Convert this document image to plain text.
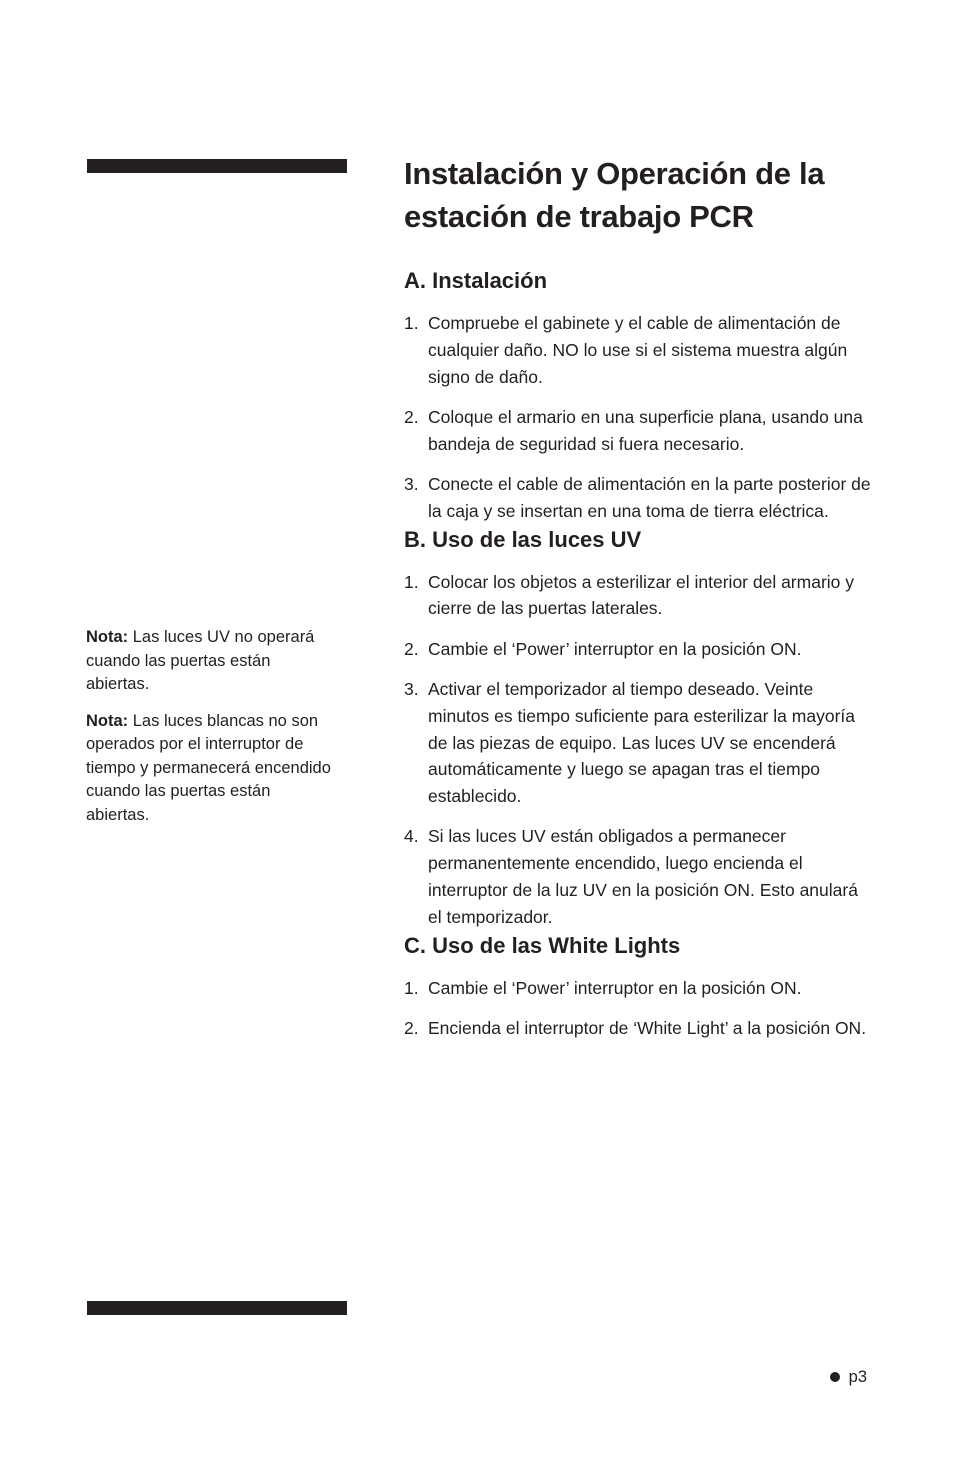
Nota: Las luces UV no operará cuando las puertas están abiertas.

Nota: Las luces blancas no son operados por el interruptor de tiempo y permanecerá encendido cuando las puertas están abiertas.

Instalación y Operación de la estación de trabajo PCR
A. Instalación
1. Compruebe el gabinete y el cable de alimentación de cualquier daño. NO lo use si el sistema muestra algún signo de daño.
2. Coloque el armario en una superficie plana, usando una bandeja de seguridad si fuera necesario.
3. Conecte el cable de alimentación en la parte posterior de la caja y se insertan en una toma de tierra eléctrica.
B. Uso de las luces UV
1. Colocar los objetos a esterilizar el interior del armario y cierre de las puertas laterales.
2. Cambie el ‘Power’ interruptor en la posición ON.
3. Activar el temporizador al tiempo deseado. Veinte minutos es tiempo suficiente para esterilizar la mayoría de las piezas de equipo. Las luces UV se encenderá automáticamente y luego se apagan tras el tiempo establecido.
4. Si las luces UV están obligados a permanecer permanentemente encendido, luego encienda el interruptor de la luz UV en la posición ON. Esto anulará el temporizador.
C. Uso de las White Lights
1. Cambie el ‘Power’ interruptor en la posición ON.
2. Encienda el interruptor de ‘White Light’ a la posición ON.
p3
